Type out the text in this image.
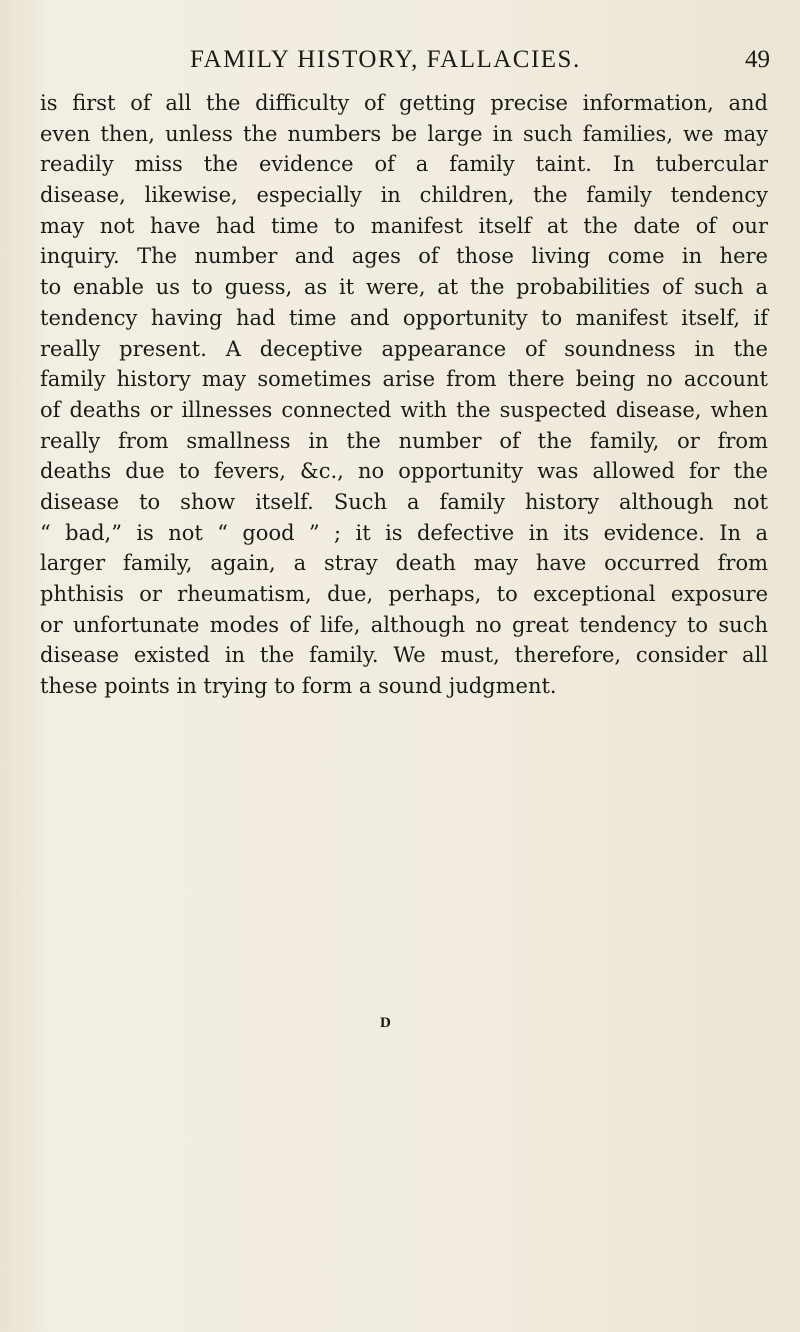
FAMILY HISTORY, FALLACIES.	49
is first of all the difficulty of getting precise information, and
even then, unless the numbers be large in such families, we may
readily miss the evidence of a family taint. In tubercular
disease, likewise, especially in children, the family tendency
may not have had time to manifest itself at the date of our
inquiry. The number and ages of those living come in here
to enable us to guess, as it were, at the probabilities of such a
tendency having had time and opportunity to manifest itself, if
really present. A deceptive appearance of soundness in the
family history may sometimes arise from there being no account
of deaths or illnesses connected with the suspected disease, when
really from smallness in the number of the family, or from
deaths due to fevers, &c., no opportunity was allowed for the
disease to show itself. Such a family history although not
“ bad,” is not “ good ” ; it is defective in its evidence. In a
larger family, again, a stray death may have occurred from
phthisis or rheumatism, due, perhaps, to exceptional exposure
or unfortunate modes of life, although no great tendency to such
disease existed in the family. We must, therefore, consider all
these points in trying to form a sound judgment.
D
